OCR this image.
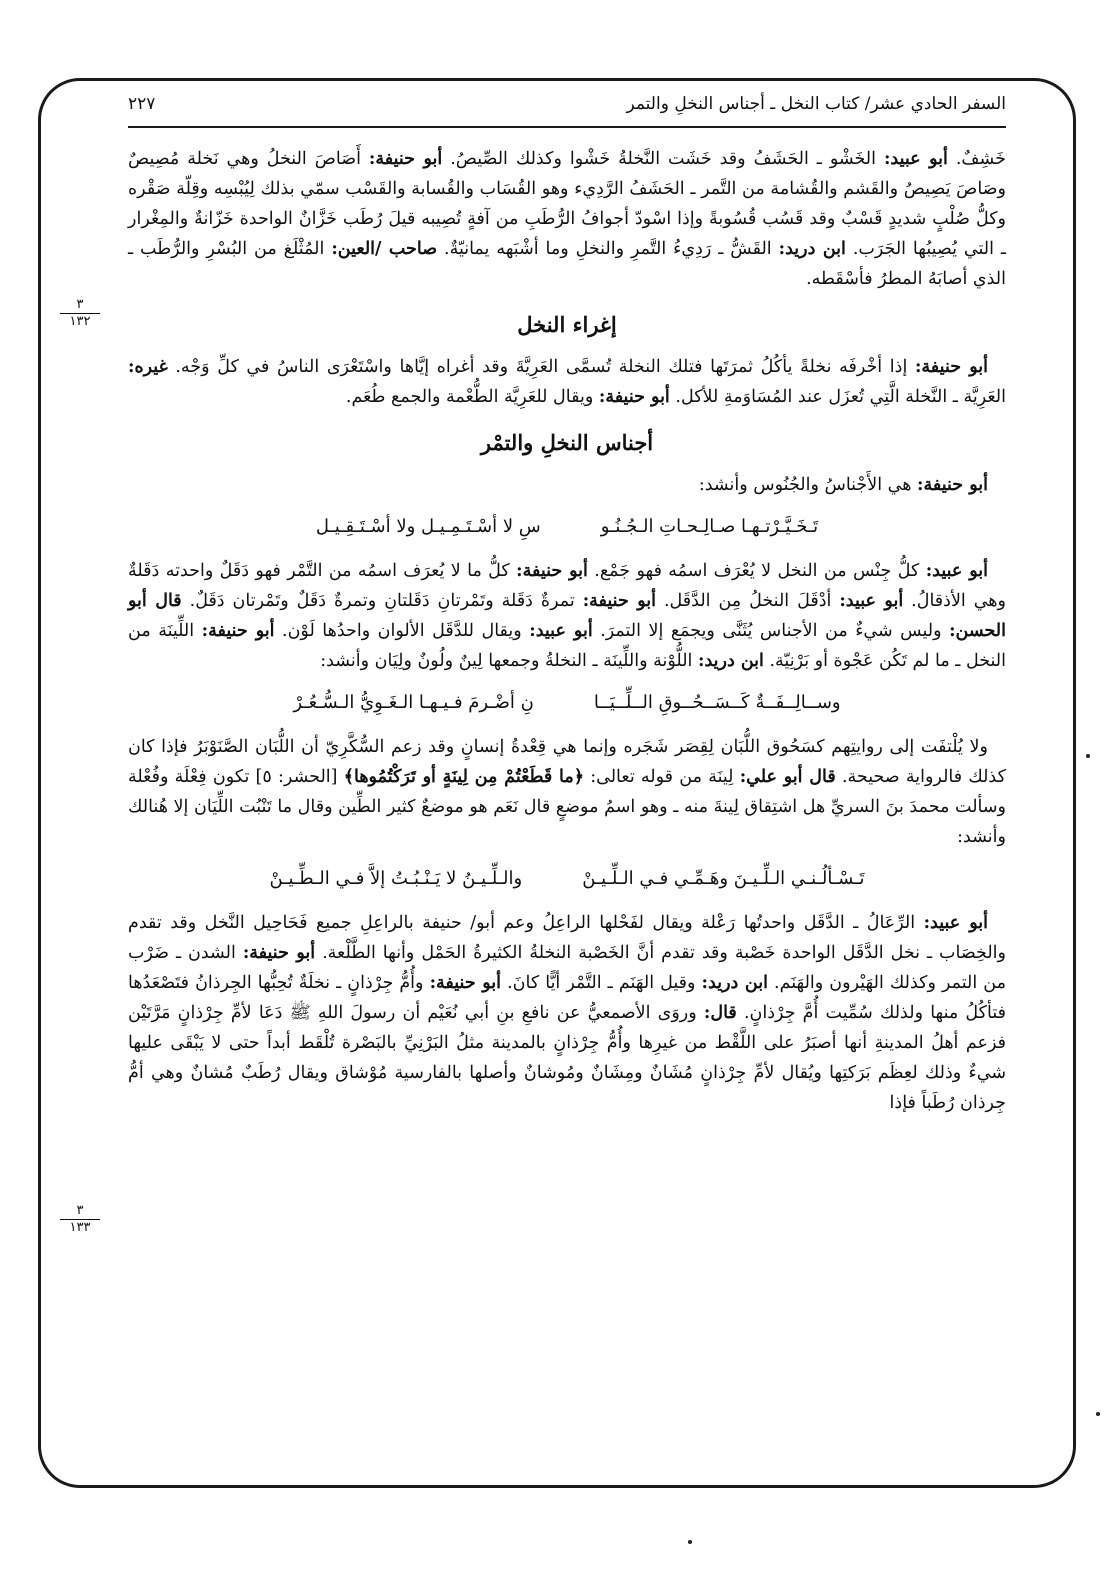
السفر الحادي عشر/ كتاب النخل ـ أجناس النخلِ والتمر
٢٢٧
٣
١٣٢
٣
١٣٣

خَشِفٌ. أبو عبيد: الخَشْو ـ الحَشَفُ وقد خَشَت النَّخلةُ خَشْوا وكذلك الصِّيصُ. أبو حنيفة: أَصَاصَ النخلُ وهي نَخلة مُصِيصٌ وصَاصَ يَصِيصُ والقَشم والقُشامة من التَّمر ـ الحَشَفُ الرَّدِيء وهو القُسَاب والقُسابة والقَسْب سمّي بذلك لِيُبْسِه وقِلّة صَقْره وكلُّ صُلْبٍ شديدٍ قَسْبٌ وقد قَسُب قُسُوبةً وإذا اسْودّ أجوافُ الرُّطَبِ من آفةٍ تُصِيبه قيلَ رُطَب خَزَّانٌ الواحدة خَزّانةٌ والمِغْرار ـ التي يُصِيبُها الجَرَب. ابن دريد: القَشُّ ـ رَدِيءُ التَّمرِ والنخلِ وما أشْبَهه يمانيّةٌ. صاحب /العين: المُثْلَغ من البُسْرِ والرُّطَب ـ الذي أصابَهُ المطرُ فأسْقَطه.

إغراء النخل

أبو حنيفة: إذا أخْرفَه نخلةً يأكُلُ ثمرَتَها فتلك النخلة تُسمَّى العَرِيَّةَ وقد أغراه إيَّاها واسْتَعْرَى الناسُ في كلِّ وَجْه. غيره: العَرِيَّة ـ النَّخلة الَّتِي تُعزَل عند المُسَاوَمةِ للأكل. أبو حنيفة: ويقال للعَرِيَّة الطُّعْمة والجمع طُعَم.

أجناس النخلِ والتمْر

أبو حنيفة: هي الأَجْناسُ والجُنُوس وأنشد:

تَـخَـيَّـرْتـهـا صـالِـحـاتِ الـجُـنُـو
سِ لا أسْـتَـمِـيـل ولا أسْـتَـقِـيـل

أبو عبيد: كلُّ جِنْس من النخل لا يُعْرَف اسمُه فهو جَمْع. أبو حنيفة: كلُّ ما لا يُعرَف اسمُه من التَّمْر فهو دَقَلٌ واحدته دَقَلةٌ وهي الأذقالُ. أبو عبيد: أدْقَلَ النخلُ مِن الدَّقَل. أبو حنيفة: تمرةٌ دَقَلة وتَمْرتانِ دَقَلتانِ وتمرةٌ دَقَلٌ وتَمْرتان دَقَلٌ. قال أبو الحسن: وليس شيءٌ من الأجناس يُثَنَّى ويجمَع إلا التمرَ. أبو عبيد: ويقال للدَّقَل الألوان واحدُها لَوْن. أبو حنيفة: اللِّينَة من النخل ـ ما لم تَكُن عَجْوة أو بَرْنِيّة. ابن دريد: اللُّوْنة واللِّينَة ـ النخلةُ وجمعها لِينٌ ولُونٌ ولِيَان وأنشد:

وســالِــفَــةٌ كَــسَــحُــوقِ الــلِّــيَــا
نِ أضْـرمَ فـيـهـا الـغَـوِيُّ الـسُّـعُـرْ

ولا يُلْتفَت إلى روايتِهم كسَحُوق اللُّبَان لِقِصَر شَجَره وإنما هي قِعْدةُ إنسانٍ وقد زعم السُّكَّرِيّ أن اللُّبَان الصَّنَوْبَرُ فإذا كان كذلك فالرواية صحيحة. قال أبو علي: لِينَة من قوله تعالى: ﴿ما قَطَعْتُمْ مِن لِينَةٍ أو تَرَكْتُمُوها﴾ [الحشر: ٥] تكون فِعْلَة وفُعْلة وسألت محمدَ بنَ السريِّ هل اشتِقاق لِينةَ منه ـ وهو اسمُ موضعٍ قال نَعَم هو موضعٌ كثير الطِّين وقال ما تَنْبُت اللِّيَان إلا هُنالك وأنشد:

تَـسْـألُـنـي الـلِّـيـنَ وهَـمِّـي فـي الـلِّـيـنْ
والـلِّـيـنُ لا يَـنْـبُـتُ إلاَّ فـي الـطِّـيـنْ

أبو عبيد: الرِّعَالُ ـ الدَّقَل واحدتُها رَعْلة ويقال لفَحْلها الراعِلُ وعم أبو/ حنيفة بالراعِلِ جميع فَحَاحِيل النَّخل وقد تقدم والخِصَاب ـ نخل الدَّقَل الواحدة خَصْبة وقد تقدم أنَّ الخَصْبة النخلةُ الكثيرةُ الحَمْل وأنها الطَّلْعة. أبو حنيفة: الشدن ـ ضَرْب من التمر وكذلك الهَيْرون والهَنَم. ابن دريد: وقيل الهَنَم ـ التَّمْر أيًّا كانَ. أبو حنيفة: وأُمُّ جِرْذانٍ ـ نخلَةٌ تُحِبُّها الجِرذانُ فتَصْعَدُها فتأكُلُ منها ولذلك سُمِّيت أُمَّ جِرْذانٍ. قال: وروَى الأصمعيُّ عن نافعِ بنِ أبي نُعَيْم أن رسولَ اللهِ ﷺ دَعَا لأمِّ جِرْذانٍ مَرَّتَيْن فزعم أهلُ المدينةِ أنها أصبَرُ على اللَّقْط من غيرِها وأُمُّ جِرْذانٍ بالمدينة مثلُ البَرْنِيِّ بالبَصْرة تُلْقَط أبداً حتى لا يَبْقَى عليها شيءٌ وذلك لعِظَم بَرَكتِها ويُقال لأمِّ جِرْذانٍ مُشَانٌ ومِشَانٌ ومُوشانٌ وأصلها بالفارسية مُوْشاق ويقال رُطَبٌ مُشانٌ وهي أمُّ جِرذان رُطَباً فإذا
